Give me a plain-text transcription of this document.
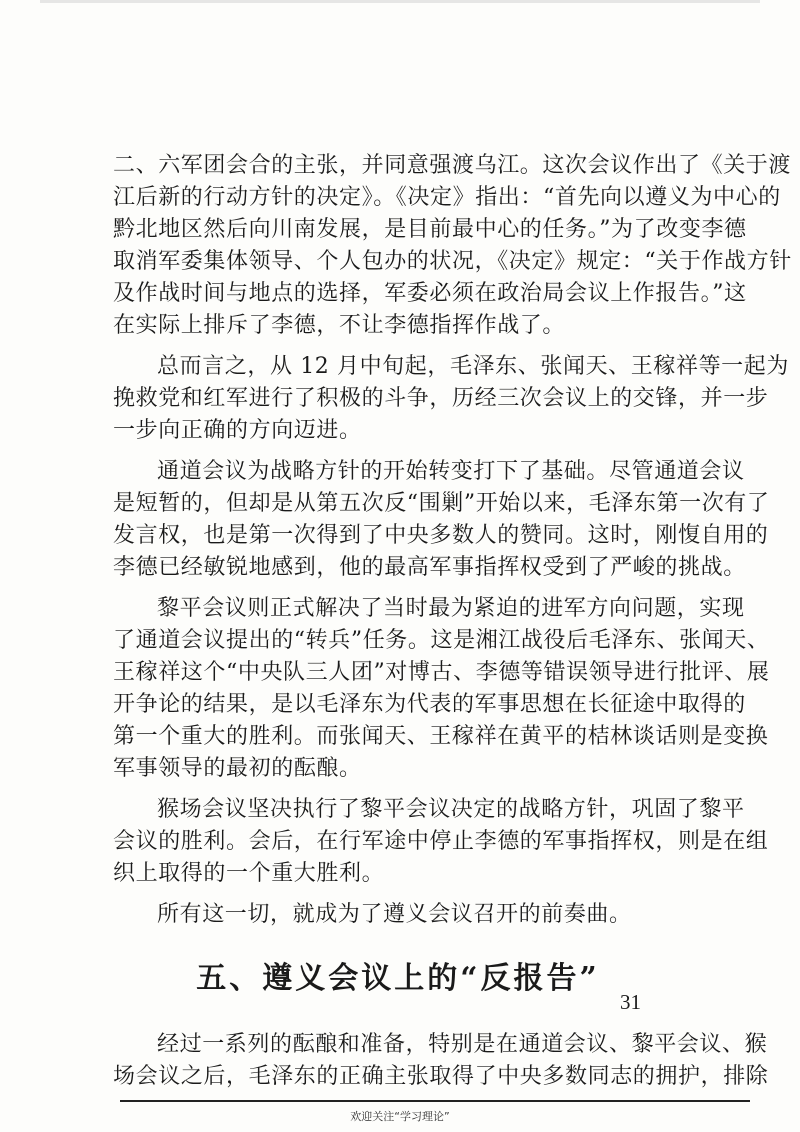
二、六军团会合的主张，并同意强渡乌江。这次会议作出了《关于渡
江后新的行动方针的决定》。《决定》指出：“首先向以遵义为中心的
黔北地区然后向川南发展，是目前最中心的任务。”为了改变李德
取消军委集体领导、个人包办的状况，《决定》规定：“关于作战方针
及作战时间与地点的选择，军委必须在政治局会议上作报告。”这
在实际上排斥了李德，不让李德指挥作战了。
总而言之，从 12 月中旬起，毛泽东、张闻天、王稼祥等一起为
挽救党和红军进行了积极的斗争，历经三次会议上的交锋，并一步
一步向正确的方向迈进。
通道会议为战略方针的开始转变打下了基础。尽管通道会议
是短暂的，但却是从第五次反“围剿”开始以来，毛泽东第一次有了
发言权，也是第一次得到了中央多数人的赞同。这时，刚愎自用的
李德已经敏锐地感到，他的最高军事指挥权受到了严峻的挑战。
黎平会议则正式解决了当时最为紧迫的进军方向问题，实现
了通道会议提出的“转兵”任务。这是湘江战役后毛泽东、张闻天、
王稼祥这个“中央队三人团”对博古、李德等错误领导进行批评、展
开争论的结果，是以毛泽东为代表的军事思想在长征途中取得的
第一个重大的胜利。而张闻天、王稼祥在黄平的桔林谈话则是变换
军事领导的最初的酝酿。
猴场会议坚决执行了黎平会议决定的战略方针，巩固了黎平
会议的胜利。会后，在行军途中停止李德的军事指挥权，则是在组
织上取得的一个重大胜利。
所有这一切，就成为了遵义会议召开的前奏曲。
五、遵义会议上的“反报告”
经过一系列的酝酿和准备，特别是在通道会议、黎平会议、猴
场会议之后，毛泽东的正确主张取得了中央多数同志的拥护，排除
31
欢迎关注“学习理论”
